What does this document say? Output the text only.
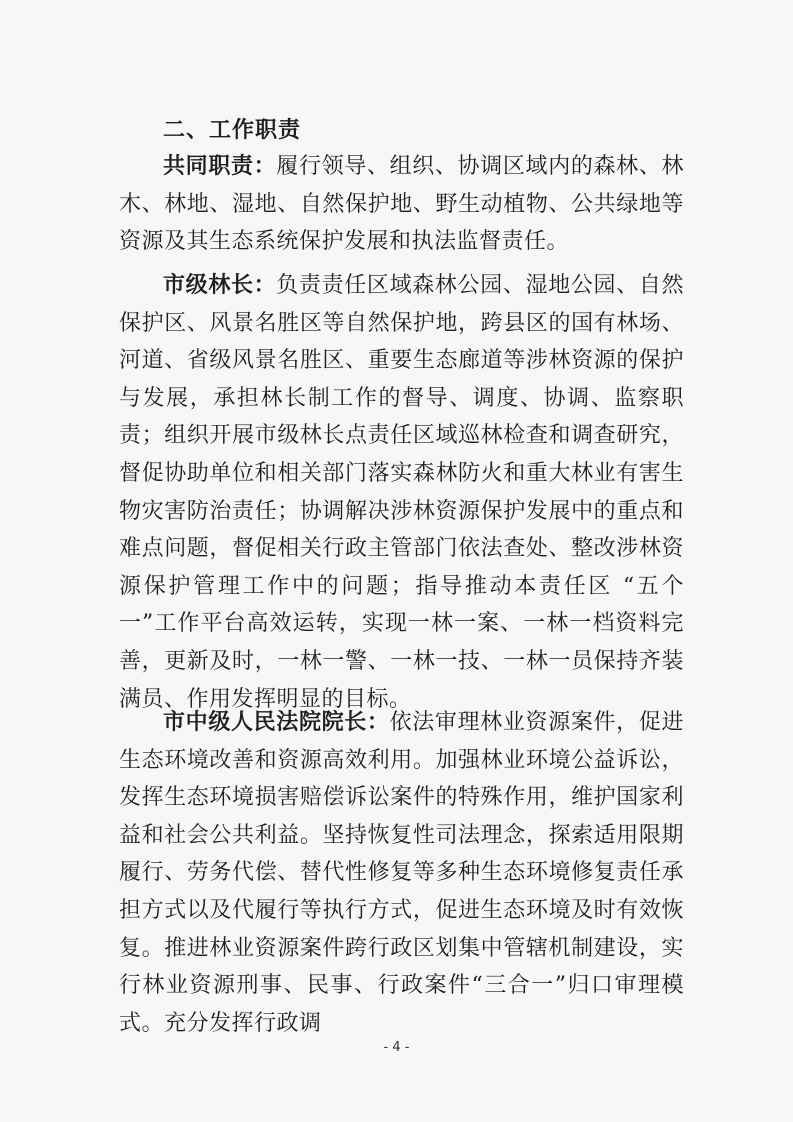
二、工作职责
共同职责：履行领导、组织、协调区域内的森林、林木、林地、湿地、自然保护地、野生动植物、公共绿地等资源及其生态系统保护发展和执法监督责任。
市级林长：负责责任区域森林公园、湿地公园、自然保护区、风景名胜区等自然保护地，跨县区的国有林场、河道、省级风景名胜区、重要生态廊道等涉林资源的保护与发展，承担林长制工作的督导、调度、协调、监察职责；组织开展市级林长点责任区域巡林检查和调查研究，督促协助单位和相关部门落实森林防火和重大林业有害生物灾害防治责任；协调解决涉林资源保护发展中的重点和难点问题，督促相关行政主管部门依法查处、整改涉林资源保护管理工作中的问题；指导推动本责任区 “五个一”工作平台高效运转，实现一林一案、一林一档资料完善，更新及时，一林一警、一林一技、一林一员保持齐装满员、作用发挥明显的目标。
市中级人民法院院长：依法审理林业资源案件，促进生态环境改善和资源高效利用。加强林业环境公益诉讼，发挥生态环境损害赔偿诉讼案件的特殊作用，维护国家利益和社会公共利益。坚持恢复性司法理念，探索适用限期履行、劳务代偿、替代性修复等多种生态环境修复责任承担方式以及代履行等执行方式，促进生态环境及时有效恢复。推进林业资源案件跨行政区划集中管辖机制建设，实行林业资源刑事、民事、行政案件“三合一”归口审理模式。充分发挥行政调
- 4 -
